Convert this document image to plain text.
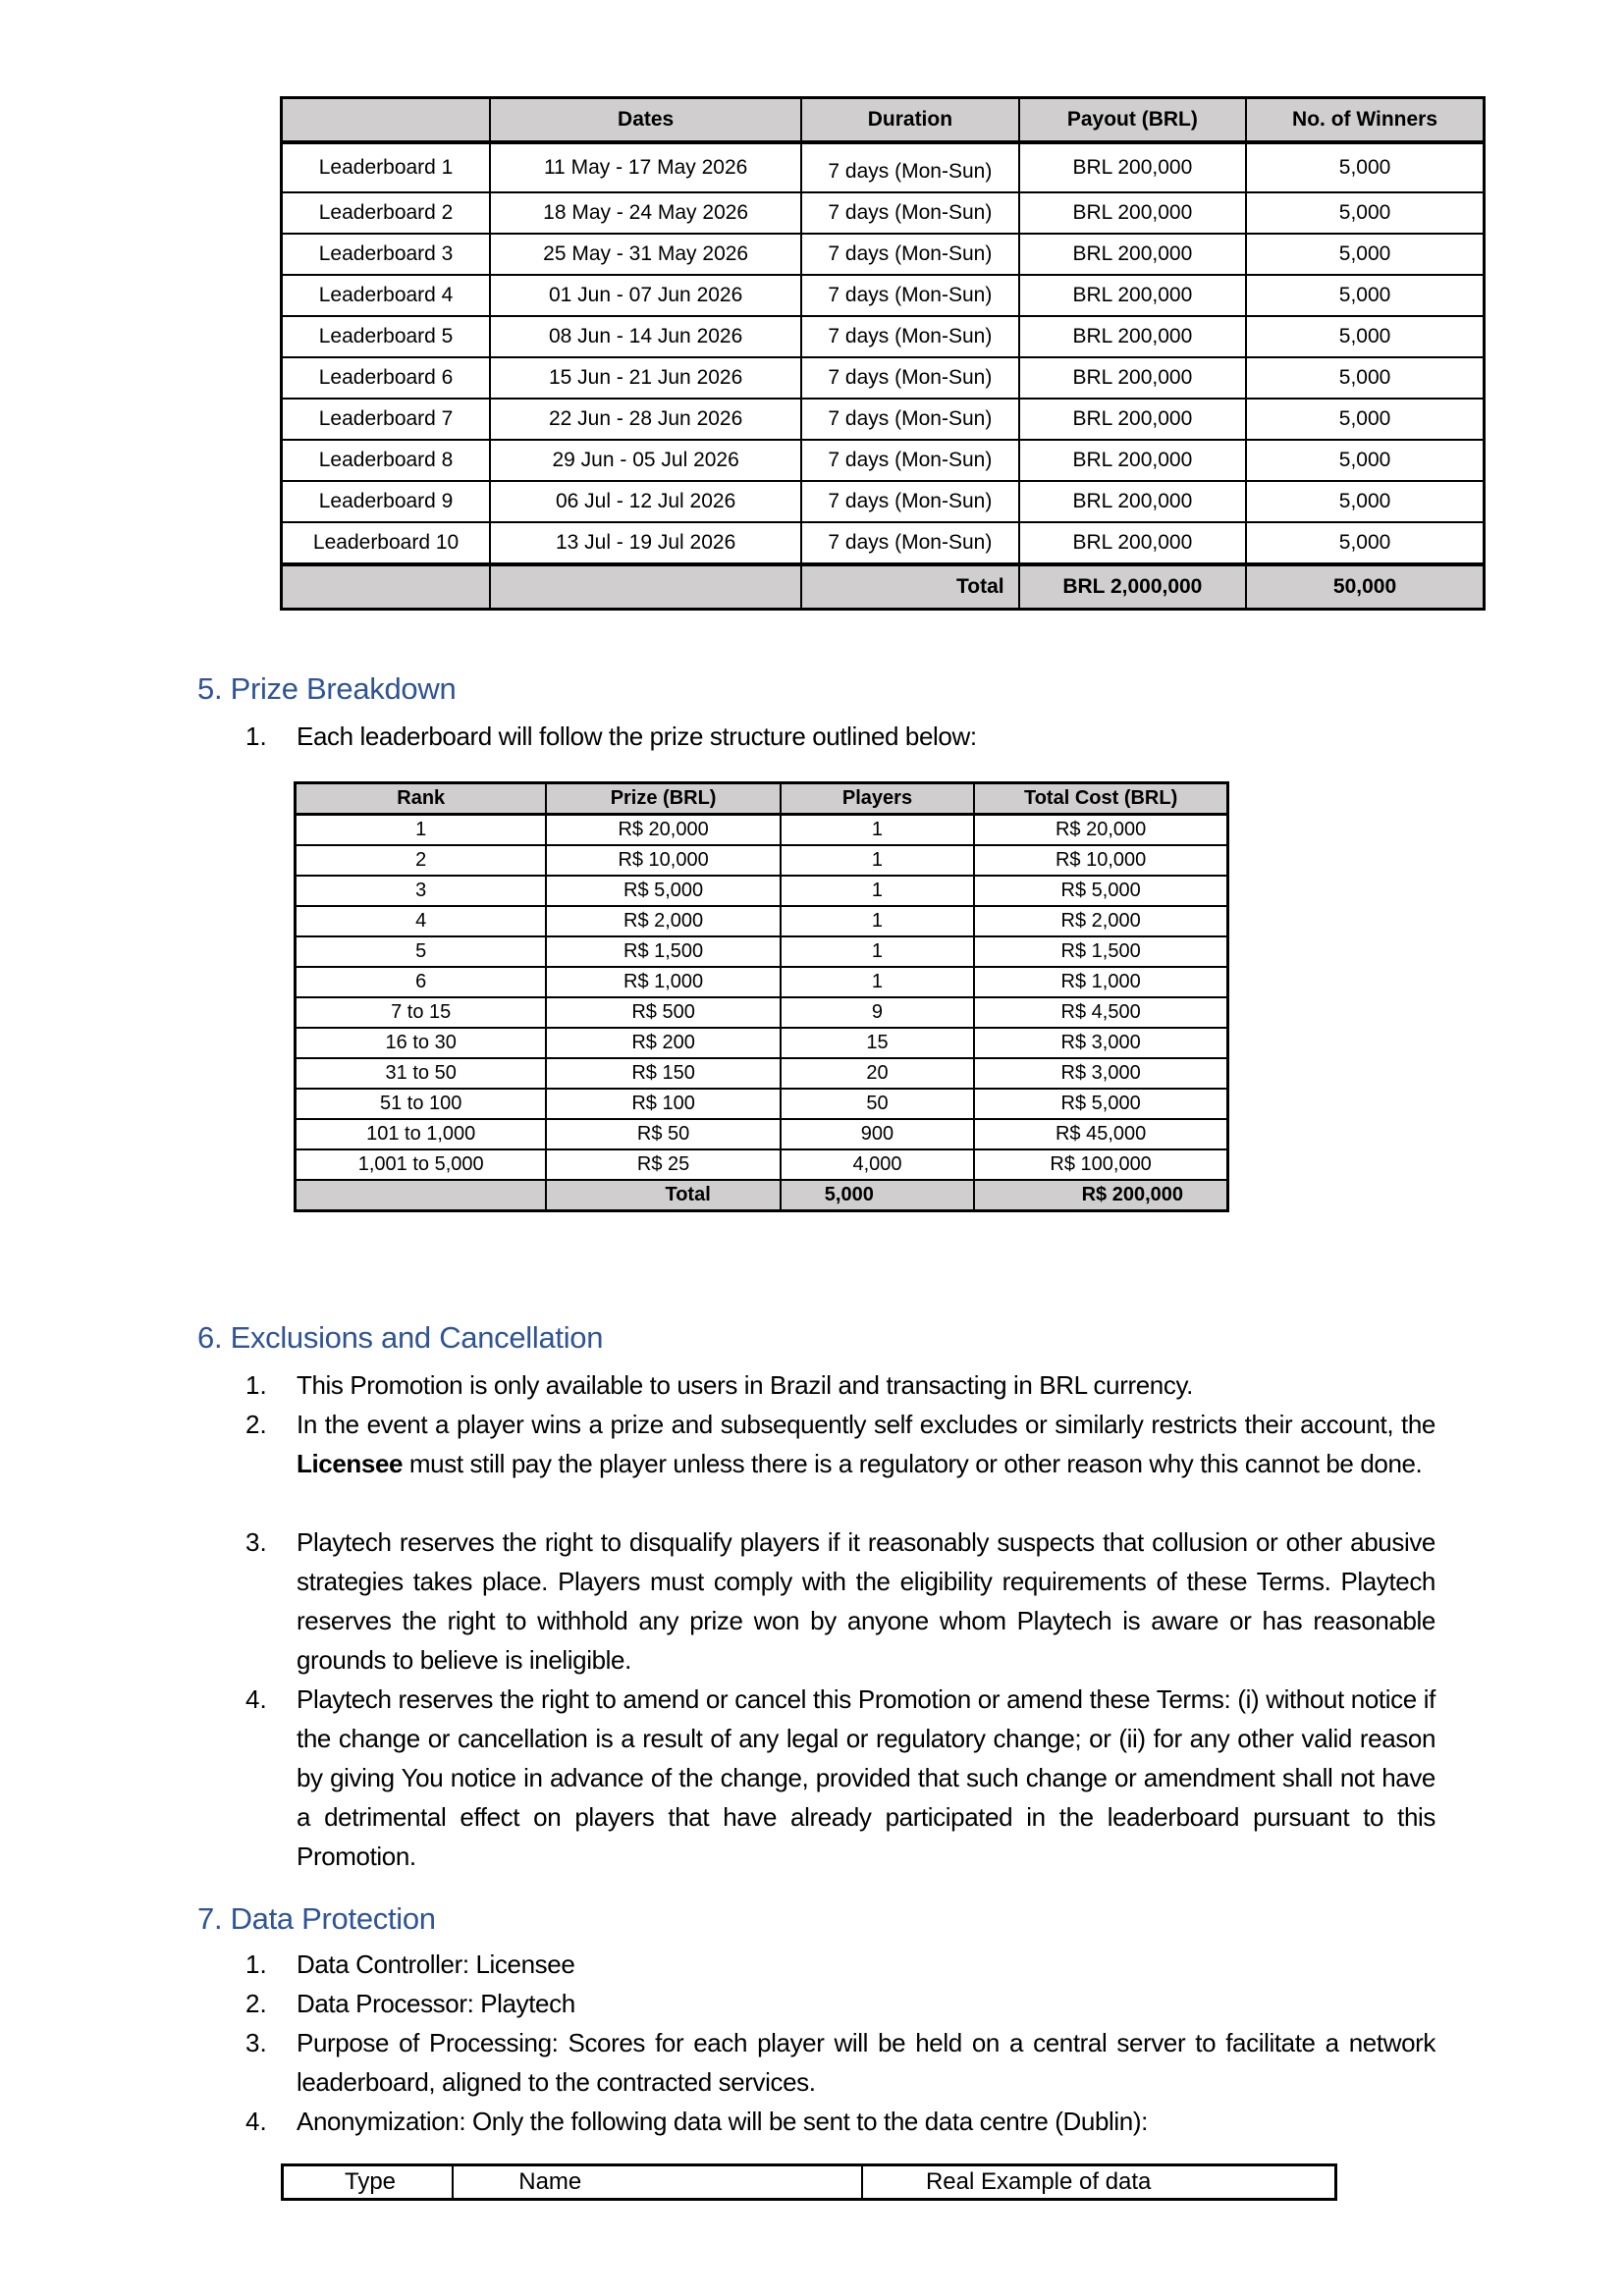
	Dates	Duration	Payout (BRL)	No. of Winners
Leaderboard 1	11 May - 17 May 2026	7 days (Mon-Sun)	BRL 200,000	5,000
Leaderboard 2	18 May - 24 May 2026	7 days (Mon-Sun)	BRL 200,000	5,000
Leaderboard 3	25 May - 31 May 2026	7 days (Mon-Sun)	BRL 200,000	5,000
Leaderboard 4	01 Jun - 07 Jun 2026	7 days (Mon-Sun)	BRL 200,000	5,000
Leaderboard 5	08 Jun - 14 Jun 2026	7 days (Mon-Sun)	BRL 200,000	5,000
Leaderboard 6	15 Jun - 21 Jun 2026	7 days (Mon-Sun)	BRL 200,000	5,000
Leaderboard 7	22 Jun - 28 Jun 2026	7 days (Mon-Sun)	BRL 200,000	5,000
Leaderboard 8	29 Jun - 05 Jul 2026	7 days (Mon-Sun)	BRL 200,000	5,000
Leaderboard 9	06 Jul - 12 Jul 2026	7 days (Mon-Sun)	BRL 200,000	5,000
Leaderboard 10	13 Jul - 19 Jul 2026	7 days (Mon-Sun)	BRL 200,000	5,000
		Total	BRL 2,000,000	50,000
5. Prize Breakdown
1. Each leaderboard will follow the prize structure outlined below:
Rank	Prize (BRL)	Players	Total Cost (BRL)
1	R$ 20,000	1	R$ 20,000
2	R$ 10,000	1	R$ 10,000
3	R$ 5,000	1	R$ 5,000
4	R$ 2,000	1	R$ 2,000
5	R$ 1,500	1	R$ 1,500
6	R$ 1,000	1	R$ 1,000
7 to 15	R$ 500	9	R$ 4,500
16 to 30	R$ 200	15	R$ 3,000
31 to 50	R$ 150	20	R$ 3,000
51 to 100	R$ 100	50	R$ 5,000
101 to 1,000	R$ 50	900	R$ 45,000
1,001 to 5,000	R$ 25	4,000	R$ 100,000
	Total	5,000	R$ 200,000
6. Exclusions and Cancellation
1. This Promotion is only available to users in Brazil and transacting in BRL currency.
2. In the event a player wins a prize and subsequently self excludes or similarly restricts their account, the Licensee must still pay the player unless there is a regulatory or other reason why this cannot be done.
3. Playtech reserves the right to disqualify players if it reasonably suspects that collusion or other abusive strategies takes place. Players must comply with the eligibility requirements of these Terms. Playtech reserves the right to withhold any prize won by anyone whom Playtech is aware or has reasonable grounds to believe is ineligible.
4. Playtech reserves the right to amend or cancel this Promotion or amend these Terms: (i) without notice if the change or cancellation is a result of any legal or regulatory change; or (ii) for any other valid reason by giving You notice in advance of the change, provided that such change or amendment shall not have a detrimental effect on players that have already participated in the leaderboard pursuant to this Promotion.
7. Data Protection
1. Data Controller: Licensee
2. Data Processor: Playtech
3. Purpose of Processing: Scores for each player will be held on a central server to facilitate a network leaderboard, aligned to the contracted services.
4. Anonymization: Only the following data will be sent to the data centre (Dublin):
Type	Name	Real Example of data
